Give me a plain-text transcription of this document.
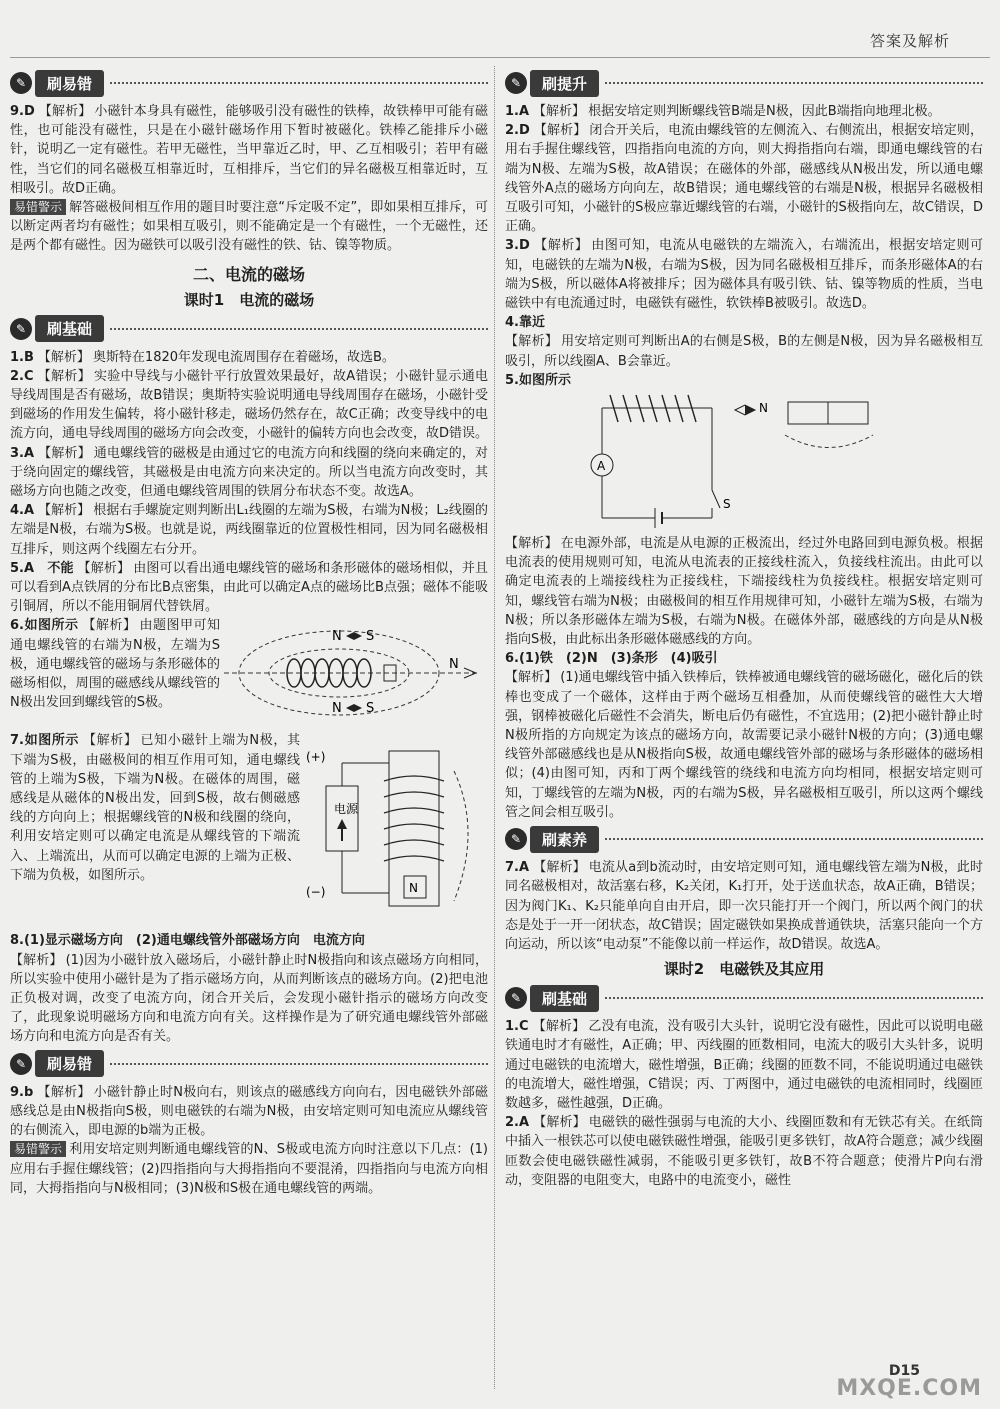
答案及解析
✎	刷易错

9.D 【解析】 小磁针本身具有磁性，能够吸引没有磁性的铁棒，故铁棒甲可能有磁性，也可能没有磁性，只是在小磁针磁场作用下暂时被磁化。铁棒乙能排斥小磁针，说明乙一定有磁性。若甲无磁性，当甲靠近乙时，甲、乙互相吸引；若甲有磁性，当它们的同名磁极互相靠近时，互相排斥，当它们的异名磁极互相靠近时，互相吸引。故D正确。

易错警示 解答磁极间相互作用的题目时要注意“斥定吸不定”，即如果相互排斥，可以断定两者均有磁性；如果相互吸引，则不能确定是一个有磁性，一个无磁性，还是两个都有磁性。因为磁铁可以吸引没有磁性的铁、钴、镍等物质。

二、电流的磁场
课时1　电流的磁场
✎	刷基础

1.B 【解析】 奥斯特在1820年发现电流周围存在着磁场，故选B。

2.C 【解析】 实验中导线与小磁针平行放置效果最好，故A错误；小磁针显示通电导线周围是否有磁场，故B错误；奥斯特实验说明通电导线周围存在磁场，小磁针受到磁场的作用发生偏转，将小磁针移走，磁场仍然存在，故C正确；改变导线中的电流方向，通电导线周围的磁场方向会改变，小磁针的偏转方向也会改变，故D错误。

3.A 【解析】 通电螺线管的磁极是由通过它的电流方向和线圈的绕向来确定的，对于绕向固定的螺线管，其磁极是由电流方向来决定的。所以当电流方向改变时，其磁场方向也随之改变，但通电螺线管周围的铁屑分布状态不变。故选A。

4.A 【解析】 根据右手螺旋定则判断出L₁线圈的左端为S极，右端为N极；L₂线圈的左端是N极，右端为S极。也就是说，两线圈靠近的位置极性相同，因为同名磁极相互排斥，则这两个线圈左右分开。

5.A　不能 【解析】 由图可以看出通电螺线管的磁场和条形磁体的磁场相似，并且可以看到A点铁屑的分布比B点密集，由此可以确定A点的磁场比B点强；磁体不能吸引铜屑，所以不能用铜屑代替铁屑。

6.如图所示 【解析】 由题图甲可知通电螺线管的右端为N极，左端为S极，通电螺线管的磁场与条形磁体的磁场相似，周围的磁感线从螺线管的N极出发回到螺线管的S极。

N S
N S
N

7.如图所示 【解析】 已知小磁针上端为N极，其下端为S极，由磁极间的相互作用可知，通电螺线管的上端为S极，下端为N极。在磁体的周围，磁感线是从磁体的N极出发，回到S极，故右侧磁感线的方向向上；根据螺线管的N极和线圈的绕向，利用安培定则可以确定电流是从螺线管的下端流入、上端流出，从而可以确定电源的上端为正极、下端为负极，如图所示。

(+)
(−)
电源
N

8.(1)显示磁场方向　(2)通电螺线管外部磁场方向　电流方向

【解析】 (1)因为小磁针放入磁场后，小磁针静止时N极指向和该点磁场方向相同，所以实验中使用小磁针是为了指示磁场方向，从而判断该点的磁场方向。(2)把电池正负极对调，改变了电流方向，闭合开关后，会发现小磁针指示的磁场方向改变了，此现象说明磁场方向和电流方向有关。这样操作是为了研究通电螺线管外部磁场方向和电流方向是否有关。

✎	刷易错

9.b 【解析】 小磁针静止时N极向右，则该点的磁感线方向向右，因电磁铁外部磁感线总是由N极指向S极，则电磁铁的右端为N极，由安培定则可知电流应从螺线管的右侧流入，即电源的b端为正极。

易错警示 利用安培定则判断通电螺线管的N、S极或电流方向时注意以下几点：(1)应用右手握住螺线管；(2)四指指向与大拇指指向不要混淆，四指指向与电流方向相同，大拇指指向与N极相同；(3)N极和S极在通电螺线管的两端。

✎	刷提升

1.A 【解析】 根据安培定则判断螺线管B端是N极，因此B端指向地理北极。

2.D 【解析】 闭合开关后，电流由螺线管的左侧流入、右侧流出，根据安培定则，用右手握住螺线管，四指指向电流的方向，则大拇指指向右端，即通电螺线管的右端为N极、左端为S极，故A错误；在磁体的外部，磁感线从N极出发，所以通电螺线管外A点的磁场方向向左，故B错误；通电螺线管的右端是N极，根据异名磁极相互吸引可知，小磁针的S极应靠近螺线管的右端，小磁针的S极指向左，故C错误，D正确。

3.D 【解析】 由图可知，电流从电磁铁的左端流入，右端流出，根据安培定则可知，电磁铁的左端为N极，右端为S极，因为同名磁极相互排斥，而条形磁体A的右端为S极，所以磁体A将被排斥；因为磁体具有吸引铁、钴、镍等物质的性质，当电磁铁中有电流通过时，电磁铁有磁性，软铁棒B被吸引。故选D。

4.靠近

【解析】 用安培定则可判断出A的右侧是S极，B的左侧是N极，因为异名磁极相互吸引，所以线圈A、B会靠近。

5.如图所示

A
S
N

【解析】 在电源外部，电流是从电源的正极流出，经过外电路回到电源负极。根据电流表的使用规则可知，电流从电流表的正接线柱流入，负接线柱流出。由此可以确定电流表的上端接线柱为正接线柱，下端接线柱为负接线柱。根据安培定则可知，螺线管右端为N极；由磁极间的相互作用规律可知，小磁针左端为S极，右端为N极；所以条形磁体左端为S极，右端为N极。在磁体外部，磁感线的方向是从N极指向S极，由此标出条形磁体磁感线的方向。

6.(1)铁　(2)N　(3)条形　(4)吸引

【解析】 (1)通电螺线管中插入铁棒后，铁棒被通电螺线管的磁场磁化，磁化后的铁棒也变成了一个磁体，这样由于两个磁场互相叠加，从而使螺线管的磁性大大增强，钢棒被磁化后磁性不会消失，断电后仍有磁性，不宜选用；(2)把小磁针静止时N极所指的方向规定为该点的磁场方向，故需要记录小磁针N极的方向；(3)通电螺线管外部磁感线也是从N极指向S极，故通电螺线管外部的磁场与条形磁体的磁场相似；(4)由图可知，丙和丁两个螺线管的绕线和电流方向均相同，根据安培定则可知，丁螺线管的左端为N极，丙的右端为S极，异名磁极相互吸引，所以这两个螺线管之间会相互吸引。

✎	刷素养

7.A 【解析】 电流从a到b流动时，由安培定则可知，通电螺线管左端为N极，此时同名磁极相对，故活塞右移，K₂关闭，K₁打开，处于送血状态，故A正确，B错误；因为阀门K₁、K₂只能单向自由开启，即一次只能打开一个阀门，所以两个阀门的状态是处于一开一闭状态，故C错误；固定磁铁如果换成普通铁块，活塞只能向一个方向运动，所以该“电动泵”不能像以前一样运作，故D错误。故选A。

课时2　电磁铁及其应用
✎	刷基础

1.C 【解析】 乙没有电流，没有吸引大头针，说明它没有磁性，因此可以说明电磁铁通电时才有磁性，A正确；甲、丙线圈的匝数相同，电流大的吸引大头针多，说明通过电磁铁的电流增大，磁性增强，B正确；线圈的匝数不同，不能说明通过电磁铁的电流增大，磁性增强，C错误；丙、丁两图中，通过电磁铁的电流相同时，线圈匝数越多，磁性越强，D正确。

2.A 【解析】 电磁铁的磁性强弱与电流的大小、线圈匝数和有无铁芯有关。在纸筒中插入一根铁芯可以使电磁铁磁性增强，能吸引更多铁钉，故A符合题意；减少线圈匝数会使电磁铁磁性减弱，不能吸引更多铁钉，故B不符合题意；使滑片P向右滑动，变阻器的电阻变大，电路中的电流变小，磁性

D15
MXQE.COM
